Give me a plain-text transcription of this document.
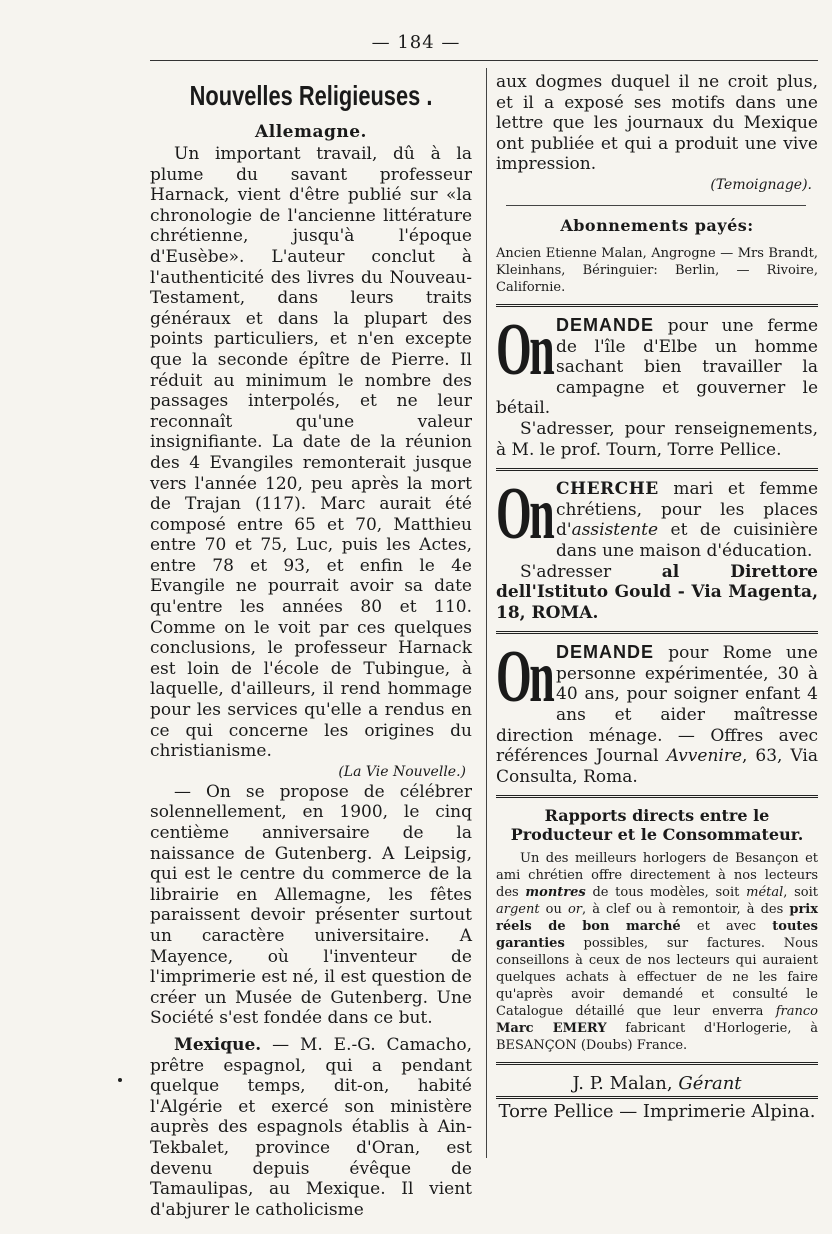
— 184 —
Nouvelles Religieuses .
Allemagne.

Un important travail, dû à la plume du savant professeur Harnack, vient d'être publié sur «la chronologie de l'ancienne littérature chrétienne, jusqu'à l'époque d'Eusèbe». L'auteur conclut à l'authenticité des livres du Nouveau-Testament, dans leurs traits généraux et dans la plupart des points particuliers, et n'en excepte que la seconde épître de Pierre. Il réduit au minimum le nombre des passages interpolés, et ne leur reconnaît qu'une valeur insignifiante. La date de la réunion des 4 Evangiles remonterait jusque vers l'année 120, peu après la mort de Trajan (117). Marc aurait été composé entre 65 et 70, Matthieu entre 70 et 75, Luc, puis les Actes, entre 78 et 93, et enfin le 4e Evangile ne pourrait avoir sa date qu'entre les années 80 et 110. Comme on le voit par ces quelques conclusions, le professeur Harnack est loin de l'école de Tubingue, à laquelle, d'ailleurs, il rend hommage pour les services qu'elle a rendus en ce qui concerne les origines du christianisme.

(La Vie Nouvelle.)

— On se propose de célébrer solennellement, en 1900, le cinq centième anniversaire de la naissance de Gutenberg. A Leipsig, qui est le centre du commerce de la librairie en Allemagne, les fêtes paraissent devoir présenter surtout un caractère universitaire. A Mayence, où l'inventeur de l'imprimerie est né, il est question de créer un Musée de Gutenberg. Une Société s'est fondée dans ce but.

Mexique. — M. E.-G. Camacho, prêtre espagnol, qui a pendant quelque temps, dit-on, habité l'Algérie et exercé son ministère auprès des espagnols établis à Ain-Tekbalet, province d'Oran, est devenu depuis évêque de Tamaulipas, au Mexique. Il vient d'abjurer le catholicisme

aux dogmes duquel il ne croit plus, et il a exposé ses motifs dans une lettre que les journaux du Mexique ont publiée et qui a produit une vive impression.

(Temoignage).
Abonnements payés:

Ancien Etienne Malan, Angrogne — Mrs Brandt, Kleinhans, Béringuier: Berlin, — Rivoire, Californie.

On DEMANDE pour une ferme de l'île d'Elbe un homme sachant bien travailler la campagne et gouverner le bétail.
S'adresser, pour renseignements, à M. le prof. Tourn, Torre Pellice.
On CHERCHE mari et femme chrétiens, pour les places d'assistente et de cuisinière dans une maison d'éducation.
S'adresser al Direttore dell'Istituto Gould - Via Magenta, 18, ROMA.
On DEMANDE pour Rome une personne expérimentée, 30 à 40 ans, pour soigner enfant 4 ans et aider maîtresse direction ménage. — Offres avec références Journal Avvenire, 63, Via Consulta, Roma.
Rapports directs entre le Producteur et le Consommateur.

Un des meilleurs horlogers de Besançon et ami chrétien offre directement à nos lecteurs des montres de tous modèles, soit métal, soit argent ou or, à clef ou à remontoir, à des prix réels de bon marché et avec toutes garanties possibles, sur factures. Nous conseillons à ceux de nos lecteurs qui auraient quelques achats à effectuer de ne les faire qu'après avoir demandé et consulté le Catalogue détaillé que leur enverra franco Marc EMERY fabricant d'Horlogerie, à BESANÇON (Doubs) France.

J. P. Malan, Gérant
Torre Pellice — Imprimerie Alpina.
